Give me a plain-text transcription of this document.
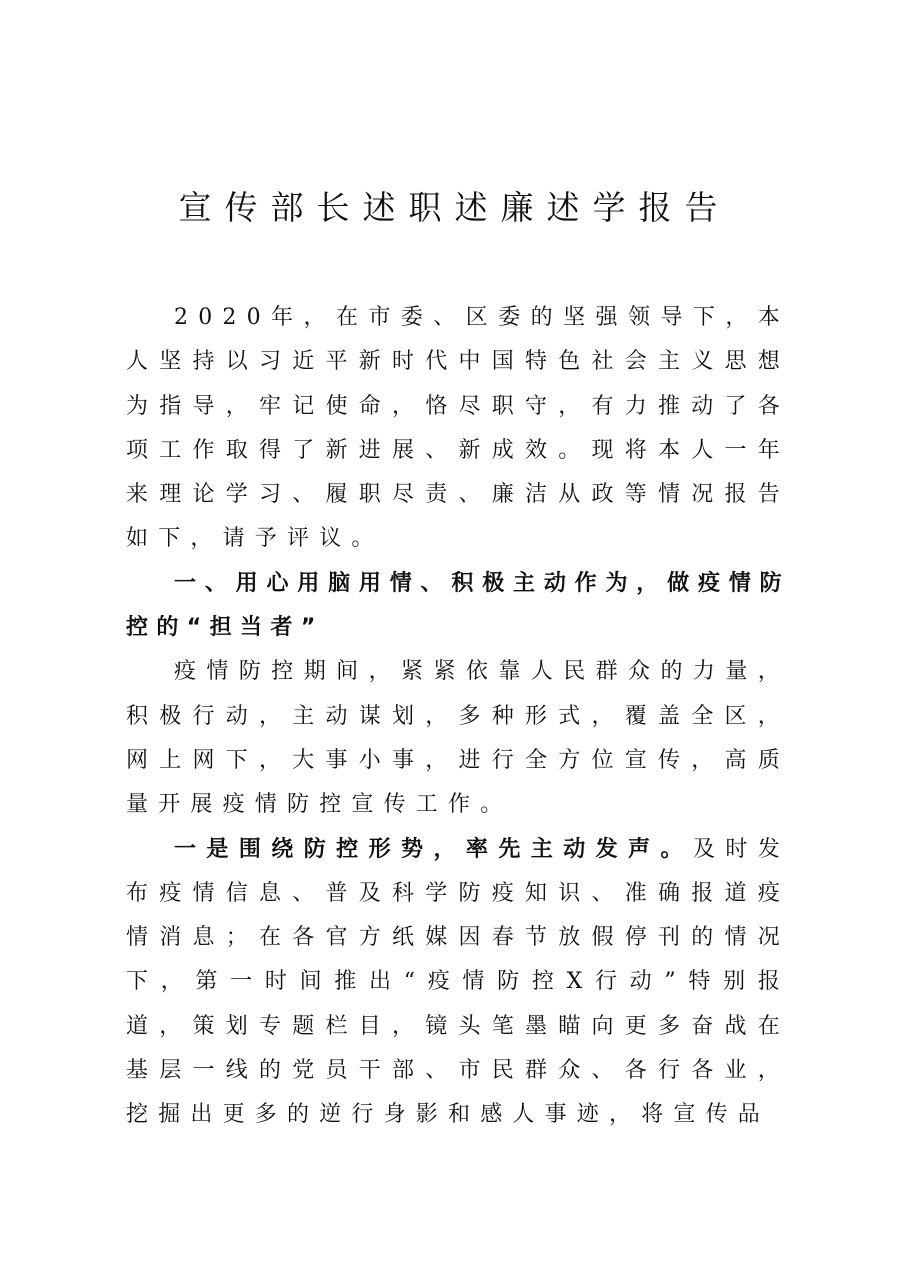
宣传部长述职述廉述学报告

2020年，在市委、区委的坚强领导下，本人坚持以习近平新时代中国特色社会主义思想为指导，牢记使命，恪尽职守，有力推动了各项工作取得了新进展、新成效。现将本人一年来理论学习、履职尽责、廉洁从政等情况报告如下，请予评议。

一、用心用脑用情、积极主动作为，做疫情防控的“担当者”

疫情防控期间，紧紧依靠人民群众的力量，积极行动，主动谋划，多种形式，覆盖全区，网上网下，大事小事，进行全方位宣传，高质量开展疫情防控宣传工作。

一是围绕防控形势，率先主动发声。及时发布疫情信息、普及科学防疫知识、准确报道疫情消息；在各官方纸媒因春节放假停刊的情况下，第一时间推出“疫情防控X行动”特别报道，策划专题栏目，镜头笔墨瞄向更多奋战在基层一线的党员干部、市民群众、各行各业，挖掘出更多的逆行身影和感人事迹，将宣传品
